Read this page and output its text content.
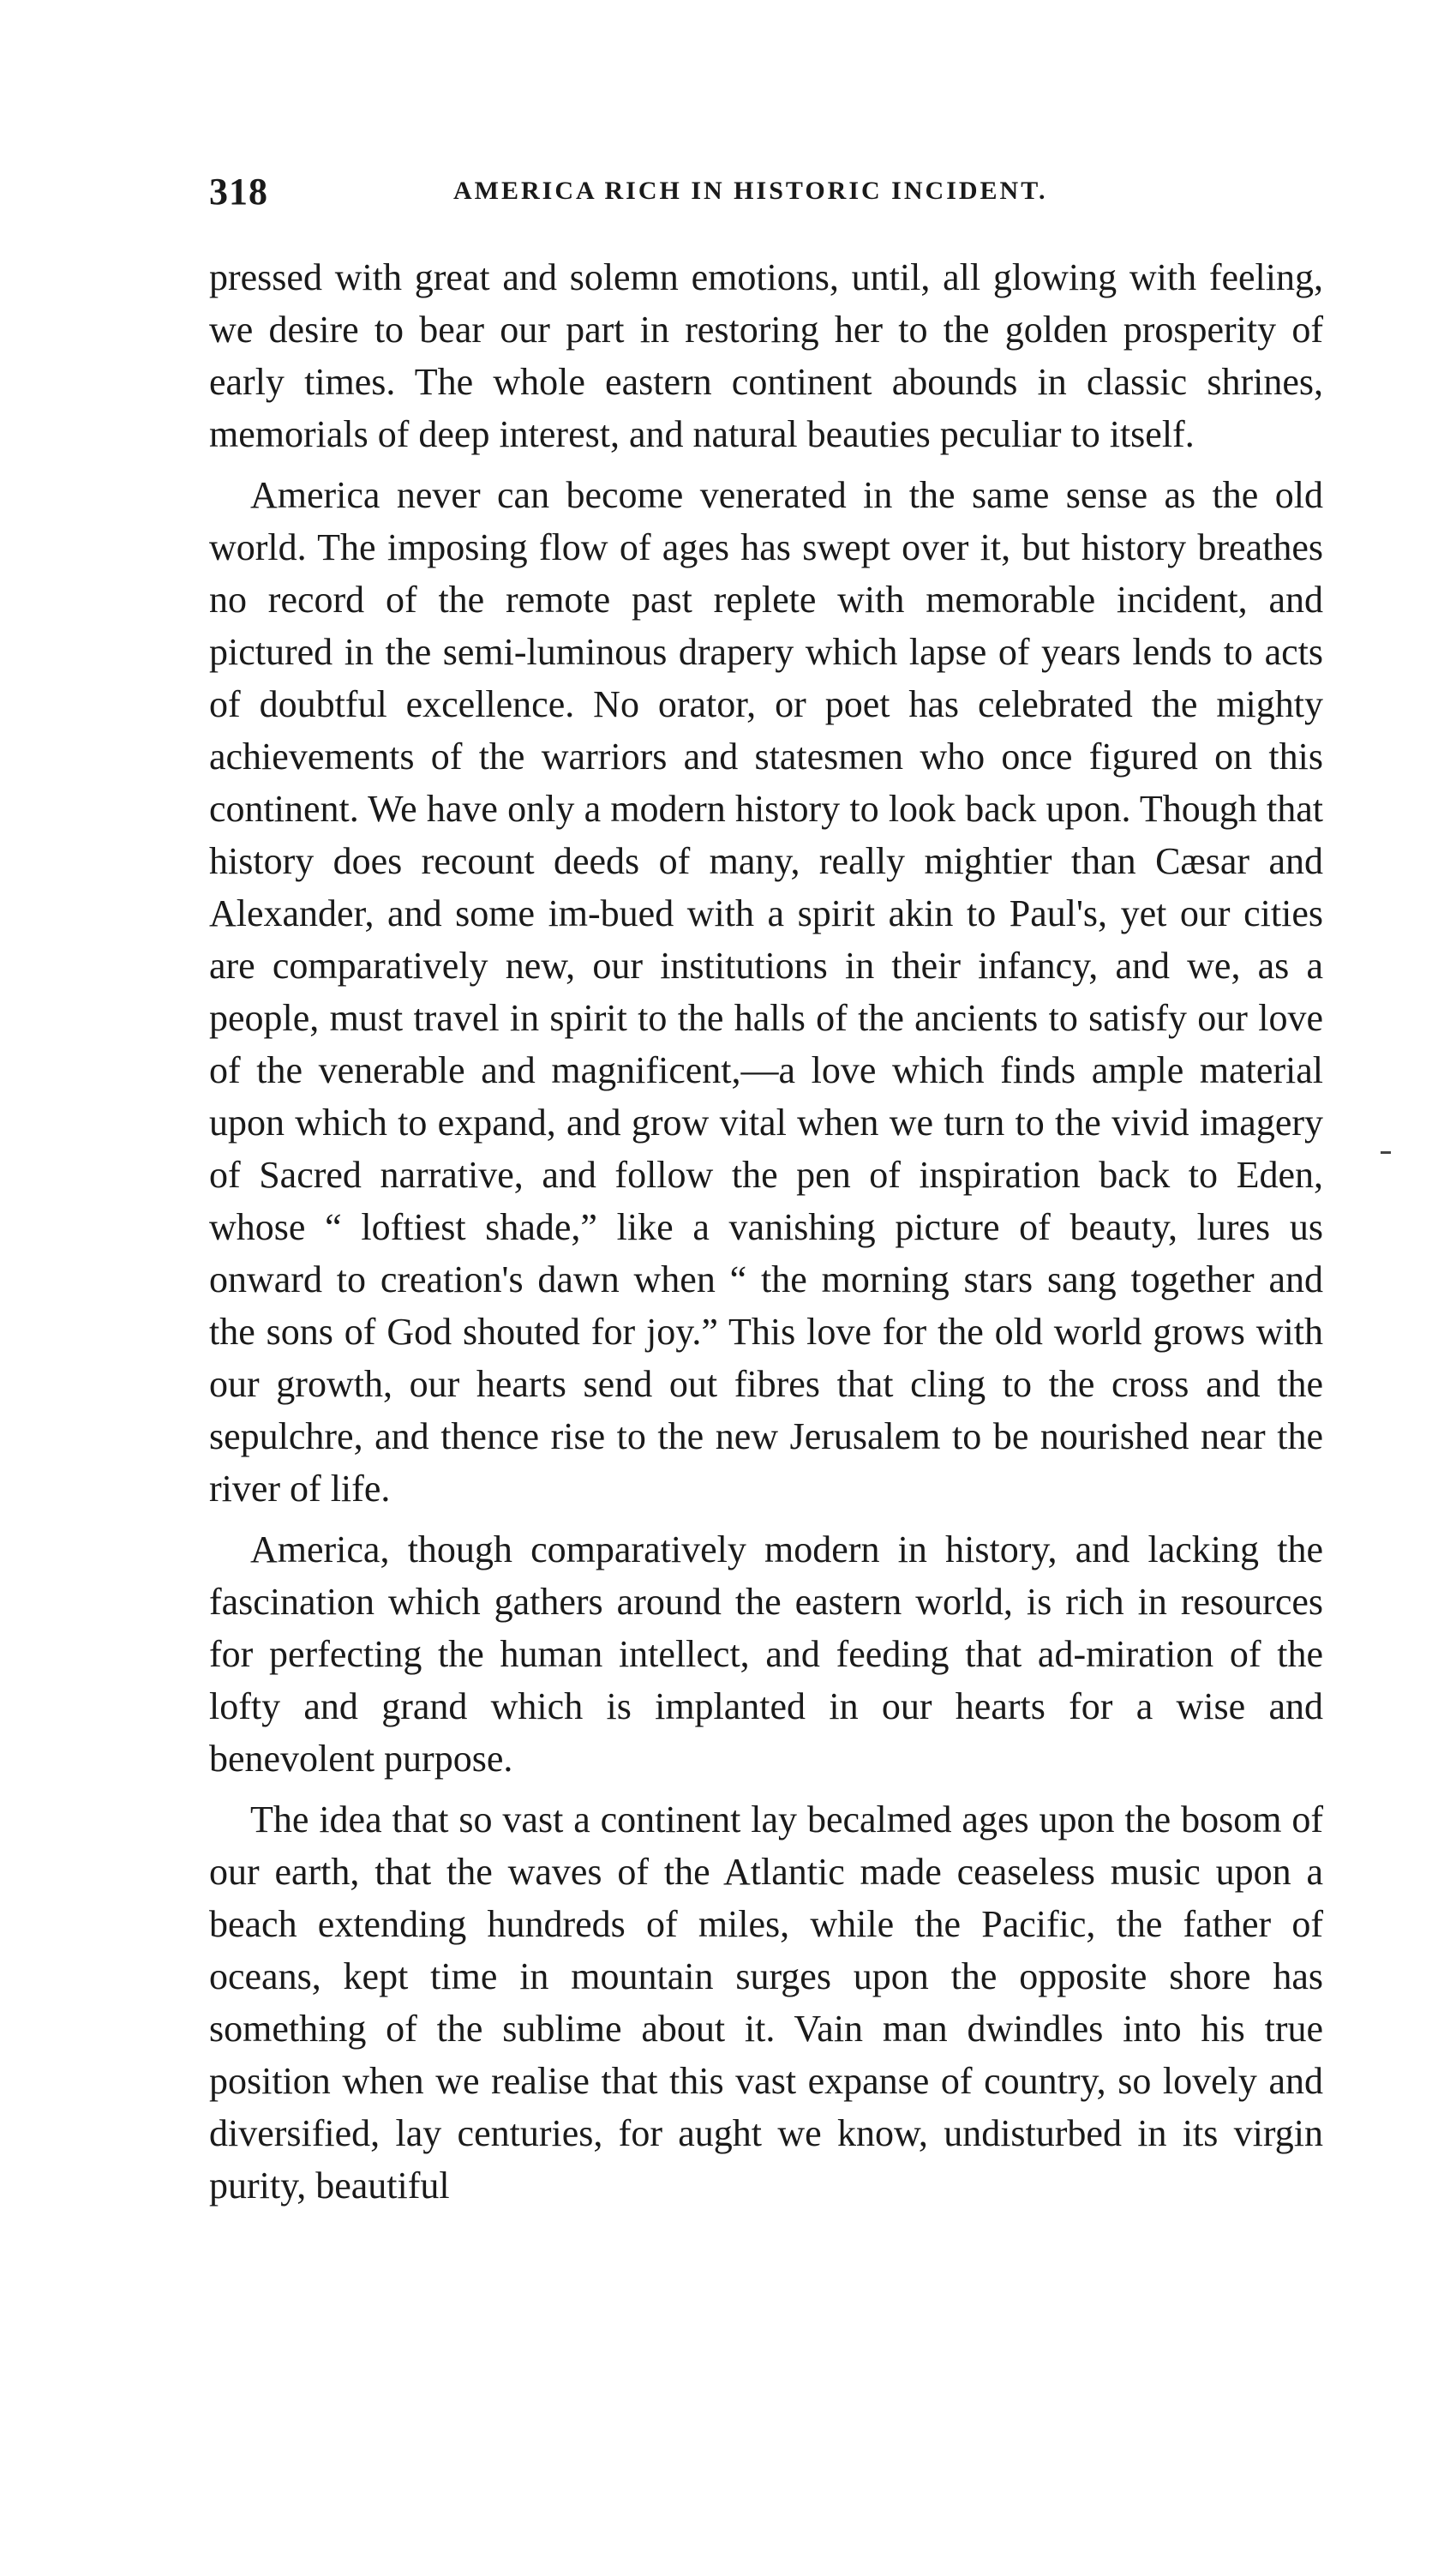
318	AMERICA RICH IN HISTORIC INCIDENT.

pressed with great and solemn emotions, until, all glowing with feeling, we desire to bear our part in restoring her to the golden prosperity of early times. The whole eastern continent abounds in classic shrines, memorials of deep interest, and natural beauties peculiar to itself.

America never can become venerated in the same sense as the old world. The imposing flow of ages has swept over it, but history breathes no record of the remote past replete with memorable incident, and pictured in the semi-luminous drapery which lapse of years lends to acts of doubtful excellence. No orator, or poet has celebrated the mighty achievements of the warriors and statesmen who once figured on this continent. We have only a modern history to look back upon. Though that history does recount deeds of many, really mightier than Cæsar and Alexander, and some im-bued with a spirit akin to Paul's, yet our cities are comparatively new, our institutions in their infancy, and we, as a people, must travel in spirit to the halls of the ancients to satisfy our love of the venerable and magnificent,—a love which finds ample material upon which to expand, and grow vital when we turn to the vivid imagery of Sacred narrative, and follow the pen of inspiration back to Eden, whose “ loftiest shade,” like a vanishing picture of beauty, lures us onward to creation's dawn when “ the morning stars sang together and the sons of God shouted for joy.” This love for the old world grows with our growth, our hearts send out fibres that cling to the cross and the sepulchre, and thence rise to the new Jerusalem to be nourished near the river of life.

America, though comparatively modern in history, and lacking the fascination which gathers around the eastern world, is rich in resources for perfecting the human intellect, and feeding that ad-miration of the lofty and grand which is implanted in our hearts for a wise and benevolent purpose.

The idea that so vast a continent lay becalmed ages upon the bosom of our earth, that the waves of the Atlantic made ceaseless music upon a beach extending hundreds of miles, while the Pacific, the father of oceans, kept time in mountain surges upon the opposite shore has something of the sublime about it. Vain man dwindles into his true position when we realise that this vast expanse of country, so lovely and diversified, lay centuries, for aught we know, undisturbed in its virgin purity, beautiful
